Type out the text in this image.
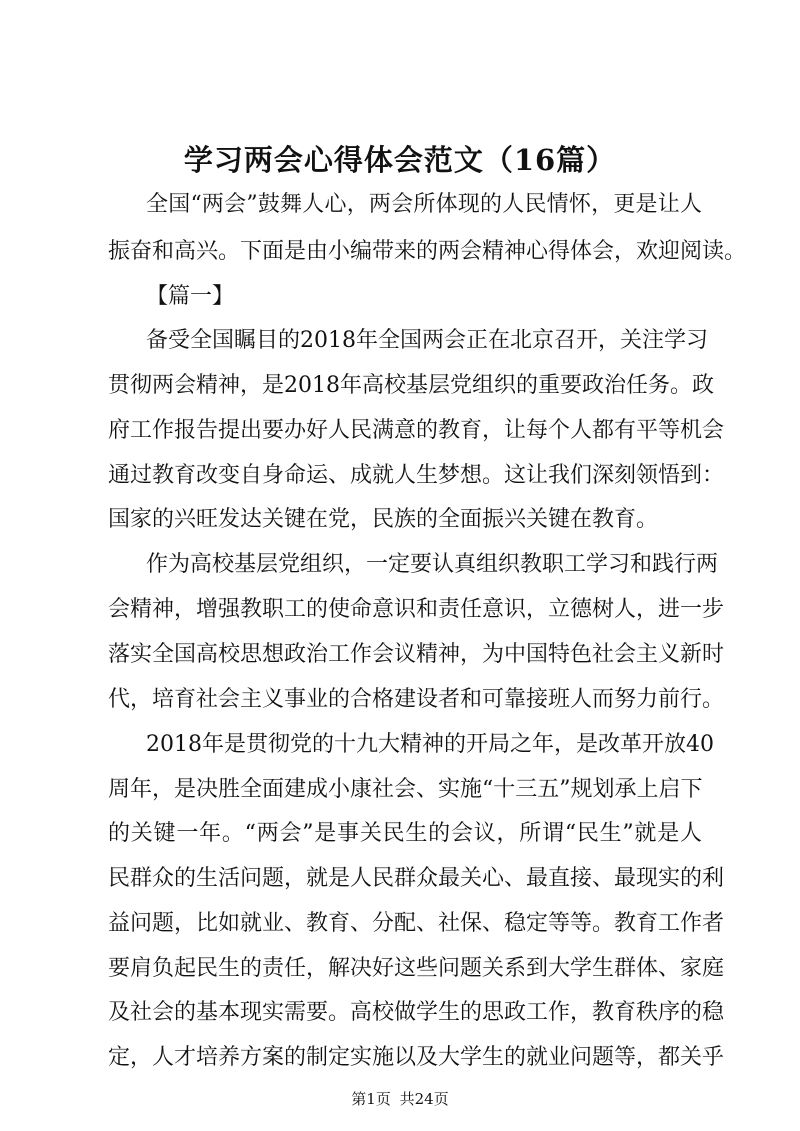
学习两会心得体会范文（16篇）
全国“两会”鼓舞人心，两会所体现的人民情怀，更是让人
振奋和高兴。下面是由小编带来的两会精神心得体会，欢迎阅读。
【篇一】
备受全国瞩目的2018年全国两会正在北京召开，关注学习
贯彻两会精神，是2018年高校基层党组织的重要政治任务。政
府工作报告提出要办好人民满意的教育，让每个人都有平等机会
通过教育改变自身命运、成就人生梦想。这让我们深刻领悟到：
国家的兴旺发达关键在党，民族的全面振兴关键在教育。
作为高校基层党组织，一定要认真组织教职工学习和践行两
会精神，增强教职工的使命意识和责任意识，立德树人，进一步
落实全国高校思想政治工作会议精神，为中国特色社会主义新时
代，培育社会主义事业的合格建设者和可靠接班人而努力前行。
2018年是贯彻党的十九大精神的开局之年，是改革开放40
周年，是决胜全面建成小康社会、实施“十三五”规划承上启下
的关键一年。“两会”是事关民生的会议，所谓“民生”就是人
民群众的生活问题，就是人民群众最关心、最直接、最现实的利
益问题，比如就业、教育、分配、社保、稳定等等。教育工作者
要肩负起民生的责任，解决好这些问题关系到大学生群体、家庭
及社会的基本现实需要。高校做学生的思政工作，教育秩序的稳
定，人才培养方案的制定实施以及大学生的就业问题等，都关乎
第1页 共24页
